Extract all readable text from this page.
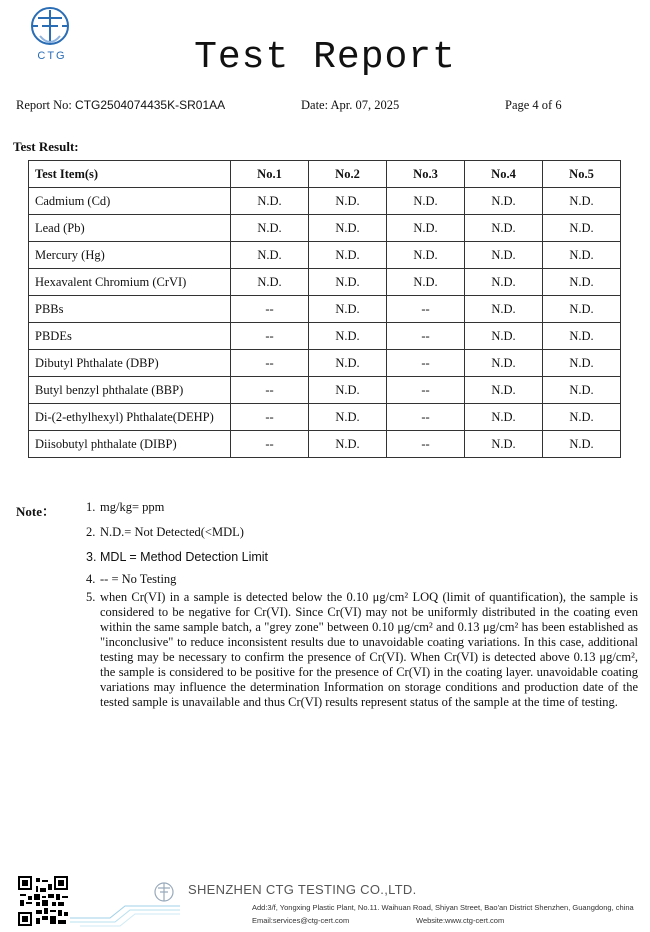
CTG	Test Report
Report No: CTG2504074435K-SR01AA	Date: Apr. 07, 2025	Page 4 of 6
Test Result:
Test Item(s)	No.1	No.2	No.3	No.4	No.5
Cadmium (Cd)	N.D.	N.D.	N.D.	N.D.	N.D.
Lead (Pb)	N.D.	N.D.	N.D.	N.D.	N.D.
Mercury (Hg)	N.D.	N.D.	N.D.	N.D.	N.D.
Hexavalent Chromium (CrVI)	N.D.	N.D.	N.D.	N.D.	N.D.
PBBs	--	N.D.	--	N.D.	N.D.
PBDEs	--	N.D.	--	N.D.	N.D.
Dibutyl Phthalate (DBP)	--	N.D.	--	N.D.	N.D.
Butyl benzyl phthalate (BBP)	--	N.D.	--	N.D.	N.D.
Di-(2-ethylhexyl) Phthalate(DEHP)	--	N.D.	--	N.D.	N.D.
Diisobutyl phthalate (DIBP)	--	N.D.	--	N.D.	N.D.
Note： 1. mg/kg= ppm
2. N.D.= Not Detected(<MDL)
3. MDL = Method Detection Limit
4. -- = No Testing
5. when Cr(VI) in a sample is detected below the 0.10 μg/cm² LOQ (limit of quantification), the sample is considered to be negative for Cr(VI). Since Cr(VI) may not be uniformly distributed in the coating even within the same sample batch, a "grey zone" between 0.10 μg/cm² and 0.13 μg/cm² has been established as "inconclusive" to reduce inconsistent results due to unavoidable coating variations. In this case, additional testing may be necessary to confirm the presence of Cr(VI). When Cr(VI) is detected above 0.13 μg/cm², the sample is considered to be positive for the presence of Cr(VI) in the coating layer. unavoidable coating variations may influence the determination Information on storage conditions and production date of the tested sample is unavailable and thus Cr(VI) results represent status of the sample at the time of testing.
SHENZHEN CTG TESTING CO.,LTD.
Add:3/f, Yongxing Plastic Plant, No.11. Waihuan Road, Shiyan Street, Bao'an District Shenzhen, Guangdong, china
Email:services@ctg-cert.com	Website:www.ctg-cert.com
